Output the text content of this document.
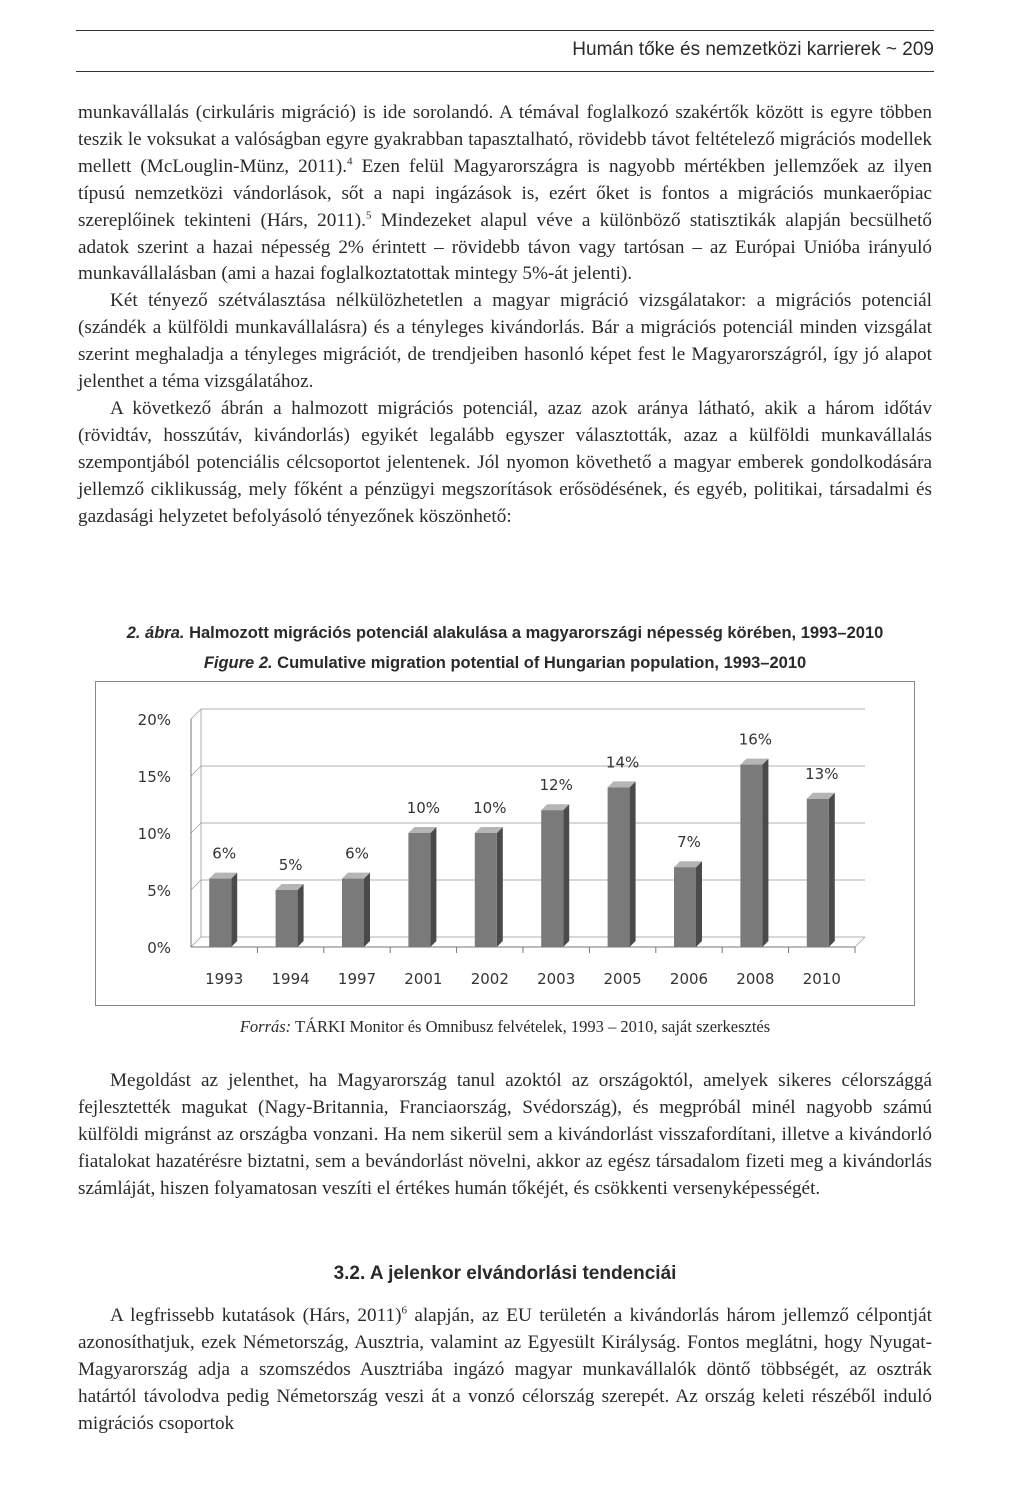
Humán tőke és nemzetközi karrierek ~ 209

munkavállalás (cirkuláris migráció) is ide sorolandó. A témával foglalkozó szakértők között is egyre többen teszik le voksukat a valóságban egyre gyakrabban tapasztalható, rövidebb távot feltételező migrációs modellek mellett (McLouglin-Münz, 2011).$^4$ Ezen felül Magyarországra is nagyobb mértékben jellemzőek az ilyen típusú nemzetközi vándorlások, sőt a napi ingázások is, ezért őket is fontos a migrációs munkaerőpiac szereplőinek tekinteni (Hárs, 2011).$^5$ Mindezeket alapul véve a különböző statisztikák alapján becsülhető adatok szerint a hazai népesség 2% érintett – rövidebb távon vagy tartósan – az Európai Unióba irányuló munkavállalásban (ami a hazai foglalkoztatottak mintegy 5%-át jelenti).

Két tényező szétválasztása nélkülözhetetlen a magyar migráció vizsgálatakor: a migrációs potenciál (szándék a külföldi munkavállalásra) és a tényleges kivándorlás. Bár a migrációs potenciál minden vizsgálat szerint meghaladja a tényleges migrációt, de trendjeiben hasonló képet fest le Magyarországról, így jó alapot jelenthet a téma vizsgálatához.

A következő ábrán a halmozott migrációs potenciál, azaz azok aránya látható, akik a három időtáv (rövidtáv, hosszútáv, kivándorlás) egyikét legalább egyszer választották, azaz a külföldi munkavállalás szempontjából potenciális célcsoportot jelentenek. Jól nyomon követhető a magyar emberek gondolkodására jellemző ciklikusság, mely főként a pénzügyi megszorítások erősödésének, és egyéb, politikai, társadalmi és gazdasági helyzetet befolyásoló tényezőnek köszönhető:

2. ábra. Halmozott migrációs potenciál alakulása a magyarországi népesség körében, 1993–2010

Figure 2. Cumulative migration potential of Hungarian population, 1993–2010

0%
5%
10%
15%
20%
6%
1993
5%
1994
6%
1997
10%
2001
10%
2002
12%
2003
14%
2005
7%
2006
16%
2008
13%
2010

Forrás: TÁRKI Monitor és Omnibusz felvételek, 1993 – 2010, saját szerkesztés

Megoldást az jelenthet, ha Magyarország tanul azoktól az országoktól, amelyek sikeres célországgá fejlesztették magukat (Nagy-Britannia, Franciaország, Svédország), és megpróbál minél nagyobb számú külföldi migránst az országba vonzani. Ha nem sikerül sem a kivándorlást visszafordítani, illetve a kivándorló fiatalokat hazatérésre biztatni, sem a bevándorlást növelni, akkor az egész társadalom fizeti meg a kivándorlás számláját, hiszen folyamatosan veszíti el értékes humán tőkéjét, és csökkenti versenyképességét.

3.2. A jelenkor elvándorlási tendenciái

A legfrissebb kutatások (Hárs, 2011)$^6$ alapján, az EU területén a kivándorlás három jellemző célpontját azonosíthatjuk, ezek Németország, Ausztria, valamint az Egyesült Királyság. Fontos meglátni, hogy Nyugat-Magyarország adja a szomszédos Ausztriába ingázó magyar munkavállalók döntő többségét, az osztrák határtól távolodva pedig Németország veszi át a vonzó célország szerepét. Az ország keleti részéből induló migrációs csoportok
